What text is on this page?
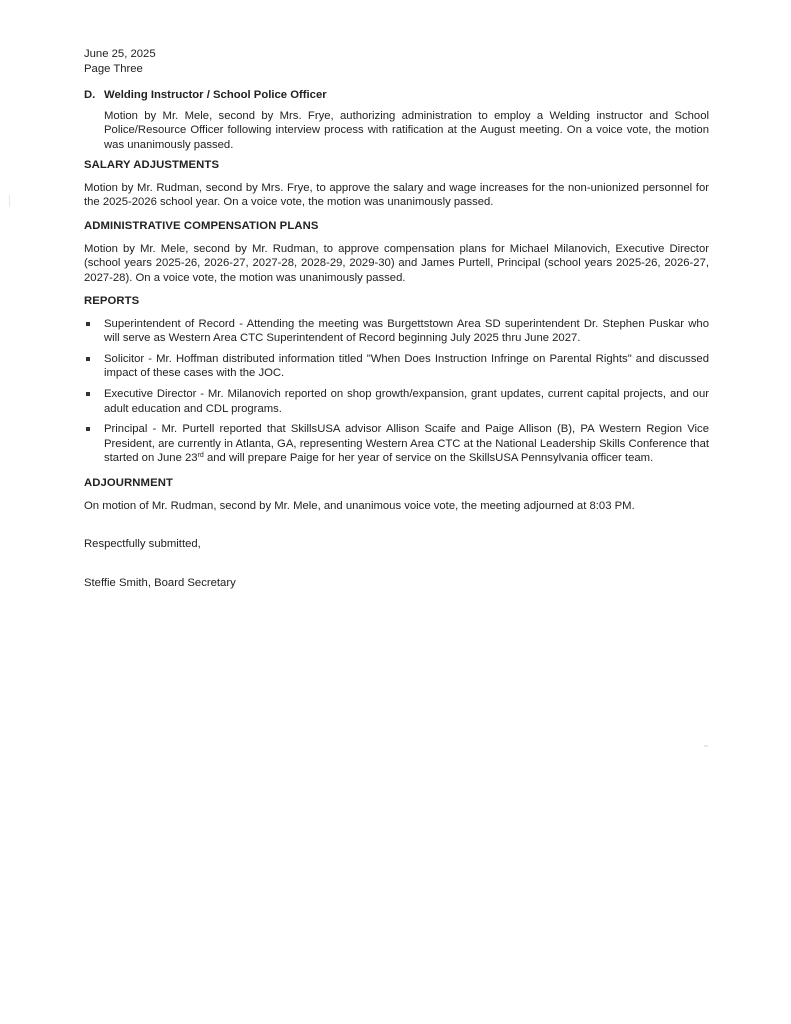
June 25, 2025
Page Three
D. Welding Instructor / School Police Officer
Motion by Mr. Mele, second by Mrs. Frye, authorizing administration to employ a Welding instructor and School Police/Resource Officer following interview process with ratification at the August meeting. On a voice vote, the motion was unanimously passed.
SALARY ADJUSTMENTS
Motion by Mr. Rudman, second by Mrs. Frye, to approve the salary and wage increases for the non-unionized personnel for the 2025-2026 school year. On a voice vote, the motion was unanimously passed.
ADMINISTRATIVE COMPENSATION PLANS
Motion by Mr. Mele, second by Mr. Rudman, to approve compensation plans for Michael Milanovich, Executive Director (school years 2025-26, 2026-27, 2027-28, 2028-29, 2029-30) and James Purtell, Principal (school years 2025-26, 2026-27, 2027-28). On a voice vote, the motion was unanimously passed.
REPORTS
Superintendent of Record - Attending the meeting was Burgettstown Area SD superintendent Dr. Stephen Puskar who will serve as Western Area CTC Superintendent of Record beginning July 2025 thru June 2027.
Solicitor - Mr. Hoffman distributed information titled "When Does Instruction Infringe on Parental Rights" and discussed impact of these cases with the JOC.
Executive Director - Mr. Milanovich reported on shop growth/expansion, grant updates, current capital projects, and our adult education and CDL programs.
Principal - Mr. Purtell reported that SkillsUSA advisor Allison Scaife and Paige Allison (B), PA Western Region Vice President, are currently in Atlanta, GA, representing Western Area CTC at the National Leadership Skills Conference that started on June 23rd and will prepare Paige for her year of service on the SkillsUSA Pennsylvania officer team.
ADJOURNMENT
On motion of Mr. Rudman, second by Mr. Mele, and unanimous voice vote, the meeting adjourned at 8:03 PM.
Respectfully submitted,
Steffie Smith, Board Secretary
